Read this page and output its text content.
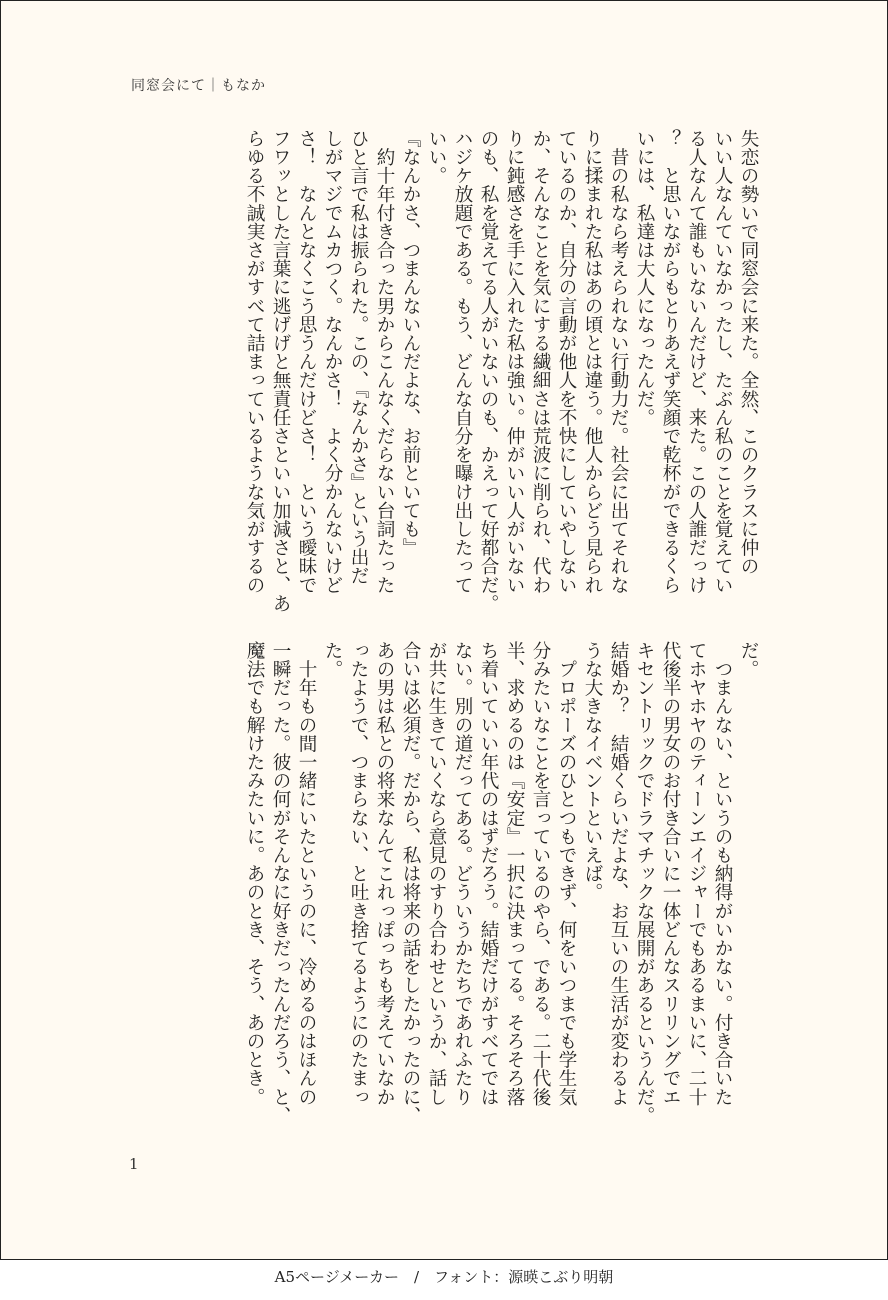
同窓会にて｜もなか

失恋の勢いで同窓会に来た。全然、このクラスに仲の

いい人なんていなかったし、たぶん私のことを覚えてい

る人なんて誰もいないんだけど、来た。この人誰だっけ

？　と思いながらもとりあえず笑顔で乾杯ができるくら

いには、私達は大人になったんだ。

　昔の私なら考えられない行動力だ。社会に出てそれな

りに揉まれた私はあの頃とは違う。他人からどう見られ

ているのか、自分の言動が他人を不快にしていやしない

か、そんなことを気にする繊細さは荒波に削られ、代わ

りに鈍感さを手に入れた私は強い。仲がいい人がいない

のも、私を覚えてる人がいないのも、かえって好都合だ。

ハジケ放題である。もう、どんな自分を曝け出したって

いい。

『なんかさ、つまんないんだよな、お前といても』

　約十年付き合った男からこんなくだらない台詞たった

ひと言で私は振られた。この、『なんかさ』という出だ

しがマジでムカつく。なんかさ！　よく分かんないけど

さ！　なんとなくこう思うんだけどさ！　という曖昧で

フワッとした言葉に逃げげと無責任さといい加減さと、あ

らゆる不誠実さがすべて詰まっているような気がするの

だ。

　つまんない、というのも納得がいかない。付き合いた

てホヤホヤのティーンエイジャーでもあるまいに、二十

代後半の男女のお付き合いに一体どんなスリリングでエ

キセントリックでドラマチックな展開があるというんだ。

結婚か？　結婚くらいだよな、お互いの生活が変わるよ

うな大きなイベントといえば。

　プロポーズのひとつもできず、何をいつまでも学生気

分みたいなことを言っているのやら、である。二十代後

半、求めるのは『安定』一択に決まってる。そろそろ落

ち着いていい年代のはずだろう。結婚だけがすべてでは

ない。別の道だってある。どういうかたちであれふたり

が共に生きていくなら意見のすり合わせというか、話し

合いは必須だ。だから、私は将来の話をしたかったのに、

あの男は私との将来なんてこれっぽっちも考えていなか

ったようで、つまらない、と吐き捨てるようにのたまっ

た。

　十年もの間一緒にいたというのに、冷めるのはほんの

一瞬だった。彼の何がそんなに好きだったんだろう、と、

魔法でも解けたみたいに。あのとき、そう、あのとき。

1
A5ページメーカー　/　フォント：源暎こぶり明朝
